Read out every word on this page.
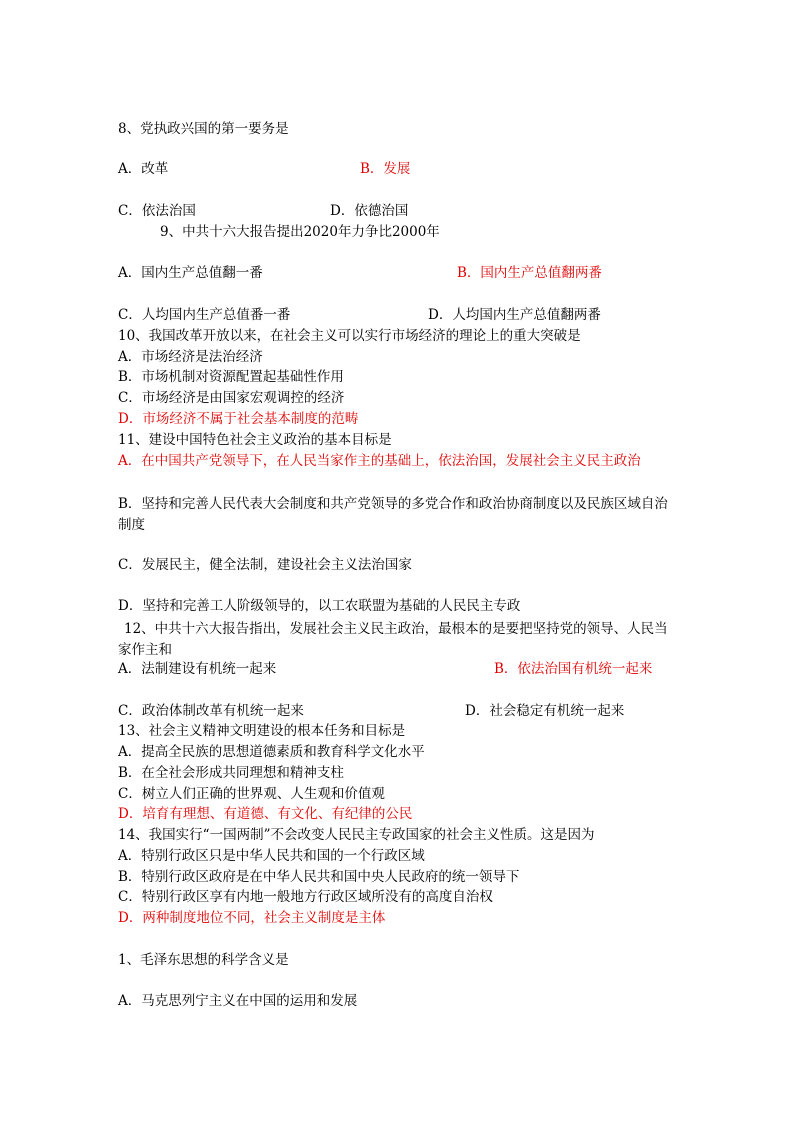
8、党执政兴国的第一要务是
A．改革	B．发展
C．依法治国	D．依德治国
9、中共十六大报告提出2020年力争比2000年
A．国内生产总值翻一番	B．国内生产总值翻两番
C．人均国内生产总值番一番	D．人均国内生产总值翻两番
10、我国改革开放以来，在社会主义可以实行市场经济的理论上的重大突破是
A．市场经济是法治经济
B．市场机制对资源配置起基础性作用
C．市场经济是由国家宏观调控的经济
D．市场经济不属于社会基本制度的范畴
11、建设中国特色社会主义政治的基本目标是
A．在中国共产党领导下，在人民当家作主的基础上，依法治国，发展社会主义民主政治
B．坚持和完善人民代表大会制度和共产党领导的多党合作和政治协商制度以及民族区域自治制度
C．发展民主，健全法制，建设社会主义法治国家
D．坚持和完善工人阶级领导的，以工农联盟为基础的人民民主专政
12、中共十六大报告指出，发展社会主义民主政治，最根本的是要把坚持党的领导、人民当家作主和
A．法制建设有机统一起来	B．依法治国有机统一起来
C．政治体制改革有机统一起来	D．社会稳定有机统一起来
13、社会主义精神文明建设的根本任务和目标是
A．提高全民族的思想道德素质和教育科学文化水平
B．在全社会形成共同理想和精神支柱
C．树立人们正确的世界观、人生观和价值观
D．培育有理想、有道德、有文化、有纪律的公民
14、我国实行“一国两制”不会改变人民民主专政国家的社会主义性质。这是因为
A．特别行政区只是中华人民共和国的一个行政区域
B．特别行政区政府是在中华人民共和国中央人民政府的统一领导下
C．特别行政区享有内地一般地方行政区域所没有的高度自治权
D．两种制度地位不同，社会主义制度是主体
1、毛泽东思想的科学含义是
A．马克思列宁主义在中国的运用和发展
